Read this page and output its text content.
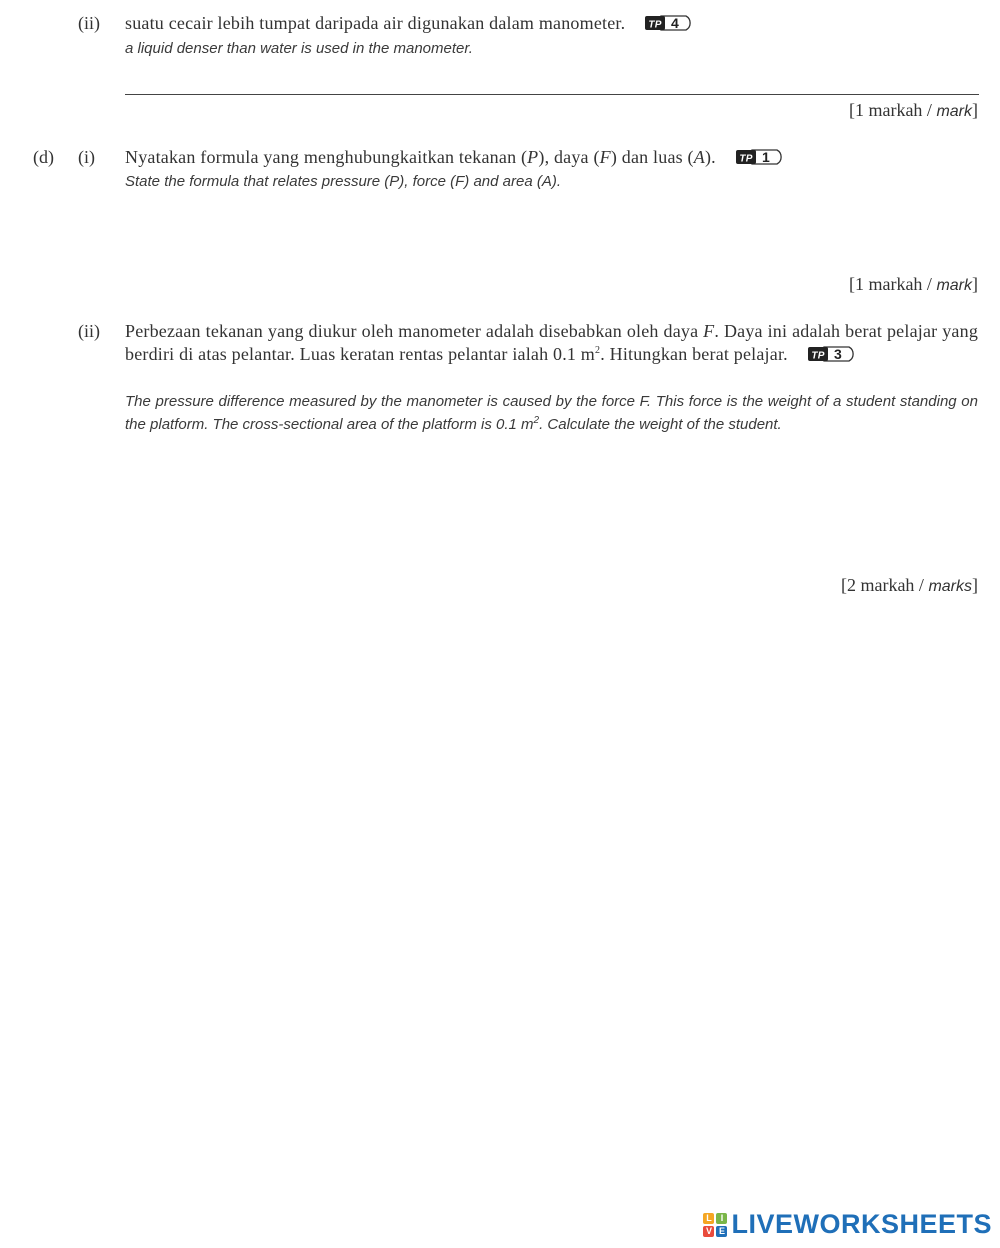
(ii) suatu cecair lebih tumpat daripada air digunakan dalam manometer. TP 4
a liquid denser than water is used in the manometer.
[1 markah / mark]
(d) (i) Nyatakan formula yang menghubungkaitkan tekanan (P), daya (F) dan luas (A). TP 1
State the formula that relates pressure (P), force (F) and area (A).
[1 markah / mark]
(ii) Perbezaan tekanan yang diukur oleh manometer adalah disebabkan oleh daya F. Daya ini adalah berat pelajar yang berdiri di atas pelantar. Luas keratan rentas pelantar ialah 0.1 $m^2$. Hitungkan berat pelajar. TP 3
The pressure difference measured by the manometer is caused by the force F. This force is the weight of a student standing on the platform. The cross-sectional area of the platform is 0.1 $m^2$. Calculate the weight of the student.
[2 markah / marks]
L I
V E LIVEWORKSHEETS
